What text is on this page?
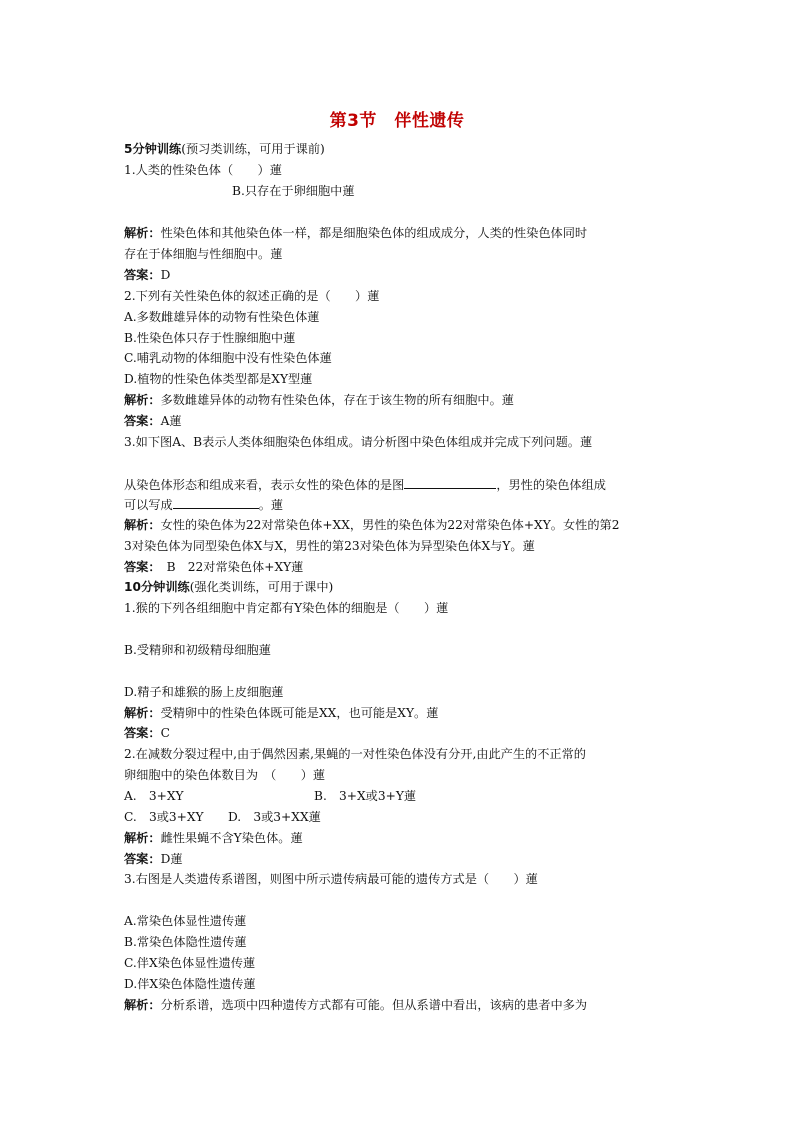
第3节　伴性遗传
5分钟训练(预习类训练，可用于课前)
1.人类的性染色体（　　）蓮
B.只存在于卵细胞中蓮
解析：性染色体和其他染色体一样，都是细胞染色体的组成成分，人类的性染色体同时
存在于体细胞与性细胞中。蓮
答案：D
2.下列有关性染色体的叙述正确的是（　　）蓮
A.多数雌雄异体的动物有性染色体蓮
B.性染色体只存于性腺细胞中蓮
C.哺乳动物的体细胞中没有性染色体蓮
D.植物的性染色体类型都是XY型蓮
解析：多数雌雄异体的动物有性染色体，存在于该生物的所有细胞中。蓮
答案：A蓮
3.如下图A、B表示人类体细胞染色体组成。请分析图中染色体组成并完成下列问题。蓮
从染色体形态和组成来看，表示女性的染色体的是图	，男性的染色体组成
可以写成	。蓮
解析：女性的染色体为22对常染色体+XX，男性的染色体为22对常染色体+XY。女性的第2
3对染色体为同型染色体X与X，男性的第23对染色体为异型染色体X与Y。蓮
答案：　B　22对常染色体+XY蓮
10分钟训练(强化类训练，可用于课中)
1.猴的下列各组细胞中肯定都有Y染色体的细胞是（　　）蓮
B.受精卵和初级精母细胞蓮
D.精子和雄猴的肠上皮细胞蓮
解析：受精卵中的性染色体既可能是XX，也可能是XY。蓮
答案：C
2.在减数分裂过程中,由于偶然因素,果蝇的一对性染色体没有分开,由此产生的不正常的
卵细胞中的染色体数目为　（　　）蓮
A.　3+XY	B.　3+X或3+Y蓮
C.　3或3+XY　　D.　3或3+XX蓮
解析：雌性果蝇不含Y染色体。蓮
答案：D蓮
3.右图是人类遗传系谱图，则图中所示遗传病最可能的遗传方式是（　　）蓮
A.常染色体显性遗传蓮
B.常染色体隐性遗传蓮
C.伴X染色体显性遗传蓮
D.伴X染色体隐性遗传蓮
解析：分析系谱，选项中四种遗传方式都有可能。但从系谱中看出，该病的患者中多为
